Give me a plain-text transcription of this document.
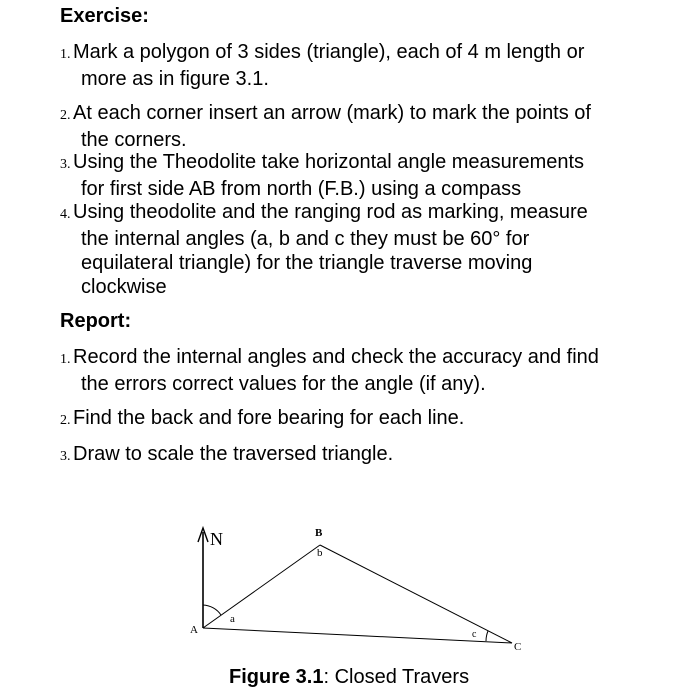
Exercise:
1. Mark a polygon of 3 sides (triangle), each of 4 m length or
more as in figure 3.1.
2. At each corner insert an arrow (mark) to mark the points of
the corners.
3. Using the Theodolite take horizontal angle measurements
for first side AB from north (F.B.) using a compass
4. Using theodolite and the ranging rod as marking, measure
the internal angles (a, b and c they must be 60° for
equilateral triangle) for the triangle traverse moving
clockwise
Report:
1. Record the internal angles and check the accuracy and find
the errors correct values for the angle (if any).
2. Find the back and fore bearing for each line.
3. Draw to scale the traversed triangle.
N
A
B
C
a
b
c
Figure 3.1: Closed Travers
